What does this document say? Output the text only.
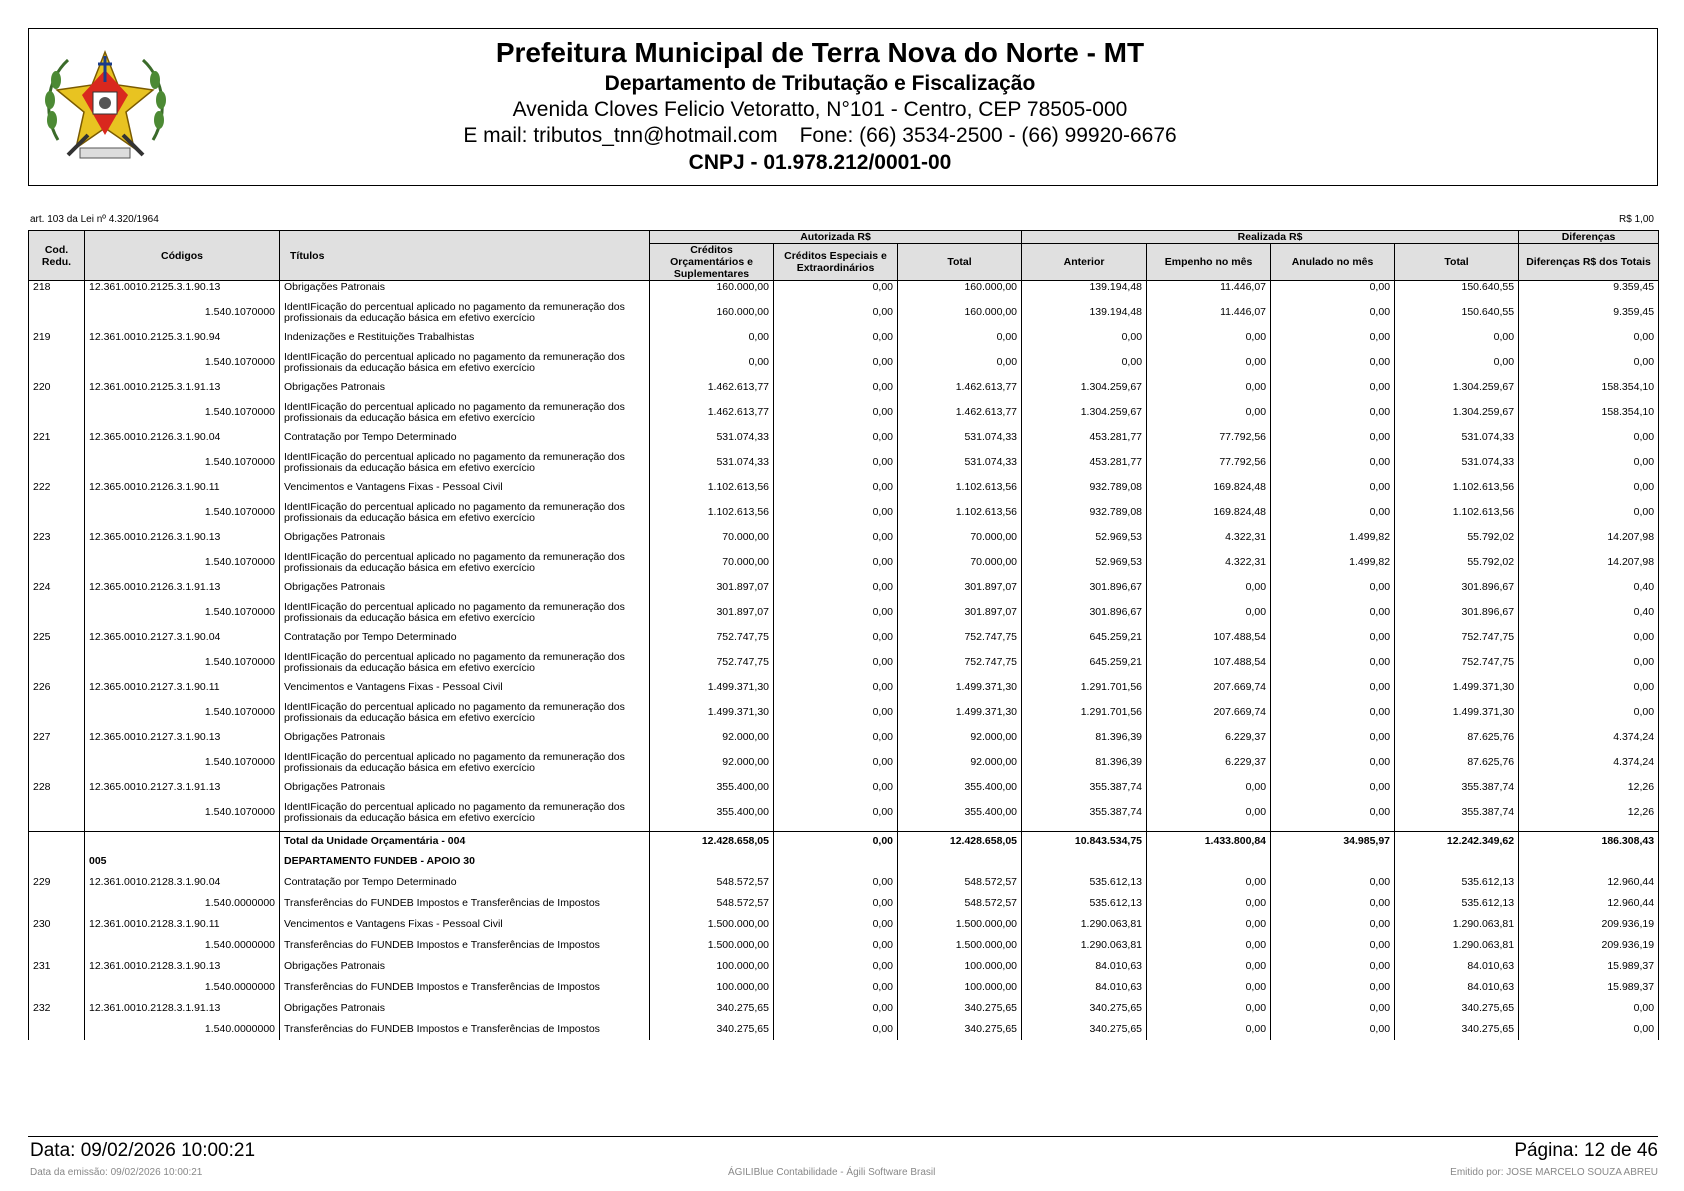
Prefeitura Municipal de Terra Nova do Norte - MT
Departamento de Tributação e Fiscalização
Avenida Cloves Felicio Vetoratto, N°101 - Centro, CEP 78505-000
E mail: tributos_tnn@hotmail.com Fone: (66) 3534-2500 - (66) 99920-6676
CNPJ - 01.978.212/0001-00
art. 103 da Lei nº 4.320/1964	R$ 1,00
Cod. Redu.	Códigos	Títulos	Autorizada R$			Realizada R$				Diferenças
			Créditos Orçamentários e Suplementares	Créditos Especiais e Extraordinários	Total	Anterior	Empenho no mês	Anulado no mês	Total	Diferenças R$ dos Totais
218	12.361.0010.2125.3.1.90.13	Obrigações Patronais	160.000,00	0,00	160.000,00	139.194,48	11.446,07	0,00	150.640,55	9.359,45
	1.540.1070000	IdentIFicação do percentual aplicado no pagamento da remuneração dos profissionais da educação básica em efetivo exercício	160.000,00	0,00	160.000,00	139.194,48	11.446,07	0,00	150.640,55	9.359,45
219	12.361.0010.2125.3.1.90.94	Indenizações e Restituições Trabalhistas	0,00	0,00	0,00	0,00	0,00	0,00	0,00	0,00
	1.540.1070000	IdentIFicação do percentual aplicado no pagamento da remuneração dos profissionais da educação básica em efetivo exercício	0,00	0,00	0,00	0,00	0,00	0,00	0,00	0,00
220	12.361.0010.2125.3.1.91.13	Obrigações Patronais	1.462.613,77	0,00	1.462.613,77	1.304.259,67	0,00	0,00	1.304.259,67	158.354,10
	1.540.1070000	IdentIFicação do percentual aplicado no pagamento da remuneração dos profissionais da educação básica em efetivo exercício	1.462.613,77	0,00	1.462.613,77	1.304.259,67	0,00	0,00	1.304.259,67	158.354,10
221	12.365.0010.2126.3.1.90.04	Contratação por Tempo Determinado	531.074,33	0,00	531.074,33	453.281,77	77.792,56	0,00	531.074,33	0,00
	1.540.1070000	IdentIFicação do percentual aplicado no pagamento da remuneração dos profissionais da educação básica em efetivo exercício	531.074,33	0,00	531.074,33	453.281,77	77.792,56	0,00	531.074,33	0,00
222	12.365.0010.2126.3.1.90.11	Vencimentos e Vantagens Fixas - Pessoal Civil	1.102.613,56	0,00	1.102.613,56	932.789,08	169.824,48	0,00	1.102.613,56	0,00
	1.540.1070000	IdentIFicação do percentual aplicado no pagamento da remuneração dos profissionais da educação básica em efetivo exercício	1.102.613,56	0,00	1.102.613,56	932.789,08	169.824,48	0,00	1.102.613,56	0,00
223	12.365.0010.2126.3.1.90.13	Obrigações Patronais	70.000,00	0,00	70.000,00	52.969,53	4.322,31	1.499,82	55.792,02	14.207,98
	1.540.1070000	IdentIFicação do percentual aplicado no pagamento da remuneração dos profissionais da educação básica em efetivo exercício	70.000,00	0,00	70.000,00	52.969,53	4.322,31	1.499,82	55.792,02	14.207,98
224	12.365.0010.2126.3.1.91.13	Obrigações Patronais	301.897,07	0,00	301.897,07	301.896,67	0,00	0,00	301.896,67	0,40
	1.540.1070000	IdentIFicação do percentual aplicado no pagamento da remuneração dos profissionais da educação básica em efetivo exercício	301.897,07	0,00	301.897,07	301.896,67	0,00	0,00	301.896,67	0,40
225	12.365.0010.2127.3.1.90.04	Contratação por Tempo Determinado	752.747,75	0,00	752.747,75	645.259,21	107.488,54	0,00	752.747,75	0,00
	1.540.1070000	IdentIFicação do percentual aplicado no pagamento da remuneração dos profissionais da educação básica em efetivo exercício	752.747,75	0,00	752.747,75	645.259,21	107.488,54	0,00	752.747,75	0,00
226	12.365.0010.2127.3.1.90.11	Vencimentos e Vantagens Fixas - Pessoal Civil	1.499.371,30	0,00	1.499.371,30	1.291.701,56	207.669,74	0,00	1.499.371,30	0,00
	1.540.1070000	IdentIFicação do percentual aplicado no pagamento da remuneração dos profissionais da educação básica em efetivo exercício	1.499.371,30	0,00	1.499.371,30	1.291.701,56	207.669,74	0,00	1.499.371,30	0,00
227	12.365.0010.2127.3.1.90.13	Obrigações Patronais	92.000,00	0,00	92.000,00	81.396,39	6.229,37	0,00	87.625,76	4.374,24
	1.540.1070000	IdentIFicação do percentual aplicado no pagamento da remuneração dos profissionais da educação básica em efetivo exercício	92.000,00	0,00	92.000,00	81.396,39	6.229,37	0,00	87.625,76	4.374,24
228	12.365.0010.2127.3.1.91.13	Obrigações Patronais	355.400,00	0,00	355.400,00	355.387,74	0,00	0,00	355.387,74	12,26
	1.540.1070000	IdentIFicação do percentual aplicado no pagamento da remuneração dos profissionais da educação básica em efetivo exercício	355.400,00	0,00	355.400,00	355.387,74	0,00	0,00	355.387,74	12,26
		Total da Unidade Orçamentária - 004	12.428.658,05	0,00	12.428.658,05	10.843.534,75	1.433.800,84	34.985,97	12.242.349,62	186.308,43
	005	DEPARTAMENTO FUNDEB - APOIO 30								
229	12.361.0010.2128.3.1.90.04	Contratação por Tempo Determinado	548.572,57	0,00	548.572,57	535.612,13	0,00	0,00	535.612,13	12.960,44
	1.540.0000000	Transferências do FUNDEB Impostos e Transferências de Impostos	548.572,57	0,00	548.572,57	535.612,13	0,00	0,00	535.612,13	12.960,44
230	12.361.0010.2128.3.1.90.11	Vencimentos e Vantagens Fixas - Pessoal Civil	1.500.000,00	0,00	1.500.000,00	1.290.063,81	0,00	0,00	1.290.063,81	209.936,19
	1.540.0000000	Transferências do FUNDEB Impostos e Transferências de Impostos	1.500.000,00	0,00	1.500.000,00	1.290.063,81	0,00	0,00	1.290.063,81	209.936,19
231	12.361.0010.2128.3.1.90.13	Obrigações Patronais	100.000,00	0,00	100.000,00	84.010,63	0,00	0,00	84.010,63	15.989,37
	1.540.0000000	Transferências do FUNDEB Impostos e Transferências de Impostos	100.000,00	0,00	100.000,00	84.010,63	0,00	0,00	84.010,63	15.989,37
232	12.361.0010.2128.3.1.91.13	Obrigações Patronais	340.275,65	0,00	340.275,65	340.275,65	0,00	0,00	340.275,65	0,00
	1.540.0000000	Transferências do FUNDEB Impostos e Transferências de Impostos	340.275,65	0,00	340.275,65	340.275,65	0,00	0,00	340.275,65	0,00
Data: 09/02/2026 10:00:21	Página: 12 de 46
Data da emissão: 09/02/2026 10:00:21	ÁGILIBlue Contabilidade - Ágili Software Brasil	Emitido por: JOSE MARCELO SOUZA ABREU
